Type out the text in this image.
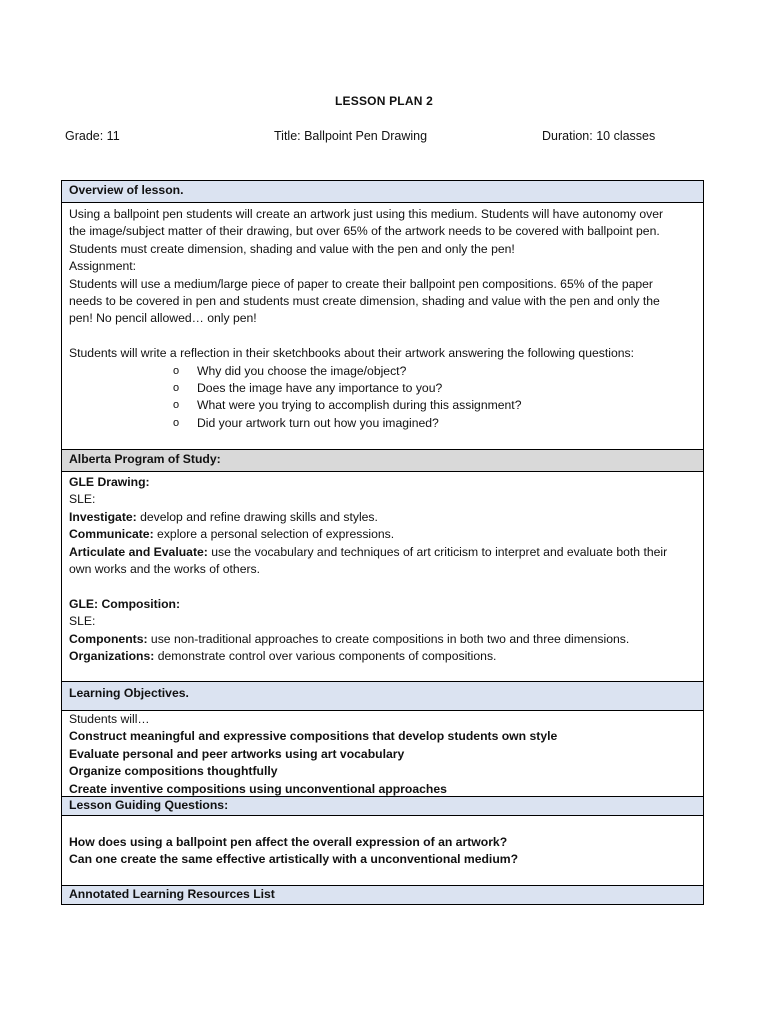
LESSON PLAN 2
Grade: 11	Title: Ballpoint Pen Drawing	Duration: 10 classes
Overview of lesson.
Using a ballpoint pen students will create an artwork just using this medium. Students will have autonomy over
the image/subject matter of their drawing, but over 65% of the artwork needs to be covered with ballpoint pen.
Students must create dimension, shading and value with the pen and only the pen!
Assignment:
Students will use a medium/large piece of paper to create their ballpoint pen compositions. 65% of the paper
needs to be covered in pen and students must create dimension, shading and value with the pen and only the
pen! No pencil allowed… only pen!
Students will write a reflection in their sketchbooks about their artwork answering the following questions:
o Why did you choose the image/object?
o Does the image have any importance to you?
o What were you trying to accomplish during this assignment?
o Did your artwork turn out how you imagined?
Alberta Program of Study:
GLE Drawing:
SLE:
Investigate: develop and refine drawing skills and styles.
Communicate: explore a personal selection of expressions.
Articulate and Evaluate: use the vocabulary and techniques of art criticism to interpret and evaluate both their
own works and the works of others.
GLE: Composition:
SLE:
Components: use non-traditional approaches to create compositions in both two and three dimensions.
Organizations: demonstrate control over various components of compositions.
Learning Objectives.
Students will…
Construct meaningful and expressive compositions that develop students own style
Evaluate personal and peer artworks using art vocabulary
Organize compositions thoughtfully
Create inventive compositions using unconventional approaches
Lesson Guiding Questions:
How does using a ballpoint pen affect the overall expression of an artwork?
Can one create the same effective artistically with a unconventional medium?
Annotated Learning Resources List
